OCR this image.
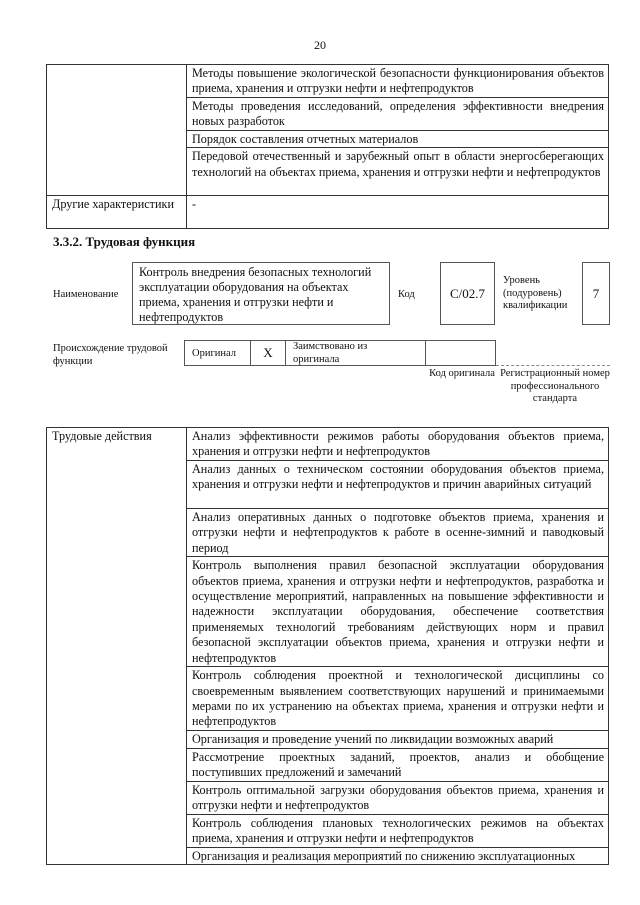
20
	Методы повышение экологической безопасности функционирования объектов приема, хранения и отгрузки нефти и нефтепродуктов
	Методы проведения исследований, определения эффективности внедрения новых разработок
	Порядок составления отчетных материалов
	Передовой отечественный и зарубежный опыт в области энергосберегающих технологий на объектах приема, хранения и отгрузки нефти и нефтепродуктов
Другие характеристики	-
3.3.2. Трудовая функция
Наименование
Контроль внедрения безопасных технологий эксплуатации оборудования на объектах приема, хранения и отгрузки нефти и нефтепродуктов
Код	C/02.7
Уровень (подуровень) квалификации
7
Происхождение трудовой функции
Оригинал	X	Заимствовано из оригинала
Код оригинала Регистрационный номер профессионального стандарта
Трудовые действия	Анализ эффективности режимов работы оборудования объектов приема, хранения и отгрузки нефти и нефтепродуктов
Анализ данных о техническом состоянии оборудования объектов приема, хранения и отгрузки нефти и нефтепродуктов и причин аварийных ситуаций
Анализ оперативных данных о подготовке объектов приема, хранения и отгрузки нефти и нефтепродуктов к работе в осенне-зимний и паводковый период
Контроль выполнения правил безопасной эксплуатации оборудования объектов приема, хранения и отгрузки нефти и нефтепродуктов, разработка и осуществление мероприятий, направленных на повышение эффективности и надежности эксплуатации оборудования, обеспечение соответствия применяемых технологий требованиям действующих норм и правил безопасной эксплуатации объектов приема, хранения и отгрузки нефти и нефтепродуктов
Контроль соблюдения проектной и технологической дисциплины со своевременным выявлением соответствующих нарушений и принимаемыми мерами по их устранению на объектах приема, хранения и отгрузки нефти и нефтепродуктов
Организация и проведение учений по ликвидации возможных аварий
Рассмотрение проектных заданий, проектов, анализ и обобщение поступивших предложений и замечаний
Контроль оптимальной загрузки оборудования объектов приема, хранения и отгрузки нефти и нефтепродуктов
Контроль соблюдения плановых технологических режимов на объектах приема, хранения и отгрузки нефти и нефтепродуктов
Организация и реализация мероприятий по снижению эксплуатационных
